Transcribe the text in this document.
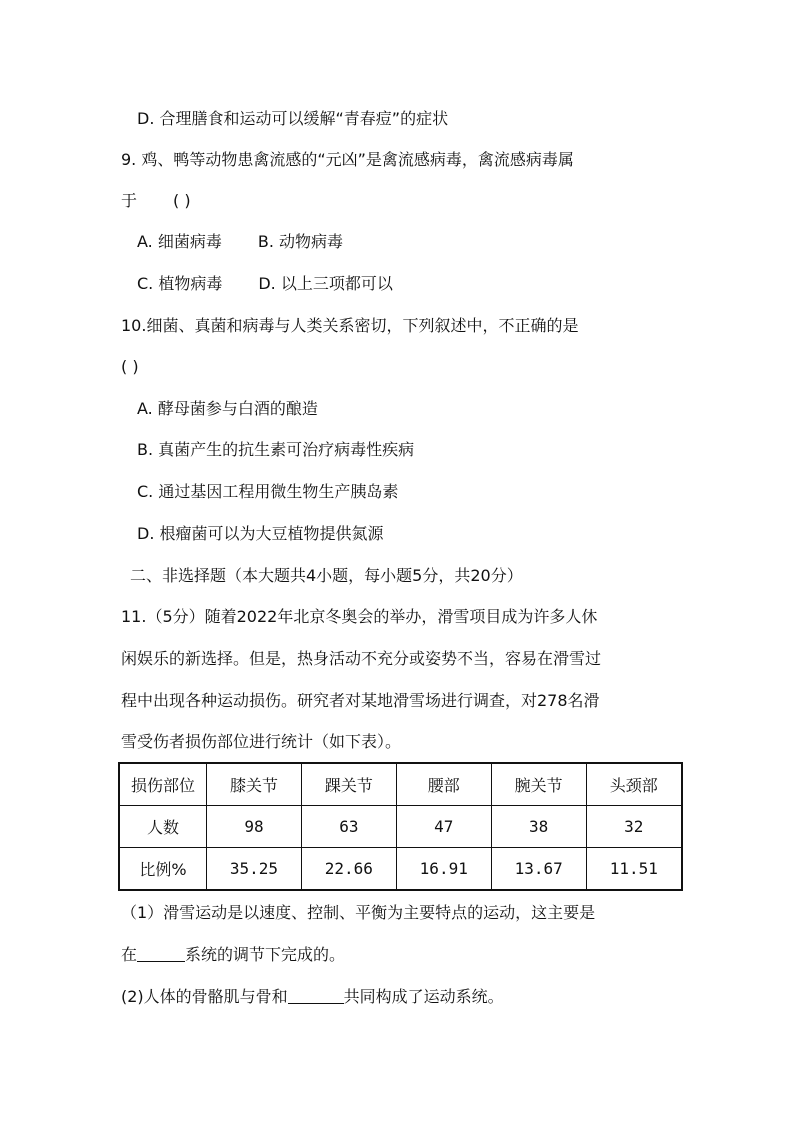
D. 合理膳食和运动可以缓解“青春痘”的症状
9. 鸡、鸭等动物患禽流感的“元凶”是禽流感病毒，禽流感病毒属
于 ( )
A. 细菌病毒 B. 动物病毒
C. 植物病毒 D. 以上三项都可以
10.细菌、真菌和病毒与人类关系密切，下列叙述中，不正确的是
( )
A. 酵母菌参与白酒的酿造
B. 真菌产生的抗生素可治疗病毒性疾病
C. 通过基因工程用微生物生产胰岛素
D. 根瘤菌可以为大豆植物提供氮源
二、非选择题（本大题共4小题，每小题5分，共20分）
11.（5分）随着2022年北京冬奥会的举办，滑雪项目成为许多人休
闲娱乐的新选择。但是，热身活动不充分或姿势不当，容易在滑雪过
程中出现各种运动损伤。研究者对某地滑雪场进行调查，对278名滑
雪受伤者损伤部位进行统计（如下表）。
损伤部位	膝关节	踝关节	腰部	腕关节	头颈部
人数	98	63	47	38	32
比例%	35.25	22.66	16.91	13.67	11.51
（1）滑雪运动是以速度、控制、平衡为主要特点的运动，这主要是
在	系统的调节下完成的。
(2)人体的骨骼肌与骨和	共同构成了运动系统。
